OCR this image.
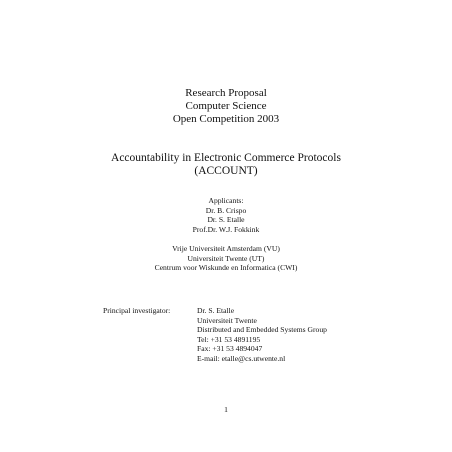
Research Proposal
Computer Science
Open Competition 2003
Accountability in Electronic Commerce Protocols
(ACCOUNT)
Applicants:
Dr. B. Crispo
Dr. S. Etalle
Prof.Dr. W.J. Fokkink
Vrije Universiteit Amsterdam (VU)
Universiteit Twente (UT)
Centrum voor Wiskunde en Informatica (CWI)
Principal investigator:	Dr. S. Etalle
Universiteit Twente
Distributed and Embedded Systems Group
Tel: +31 53 4891195
Fax: +31 53 4894047
E-mail: etalle@cs.utwente.nl
1
